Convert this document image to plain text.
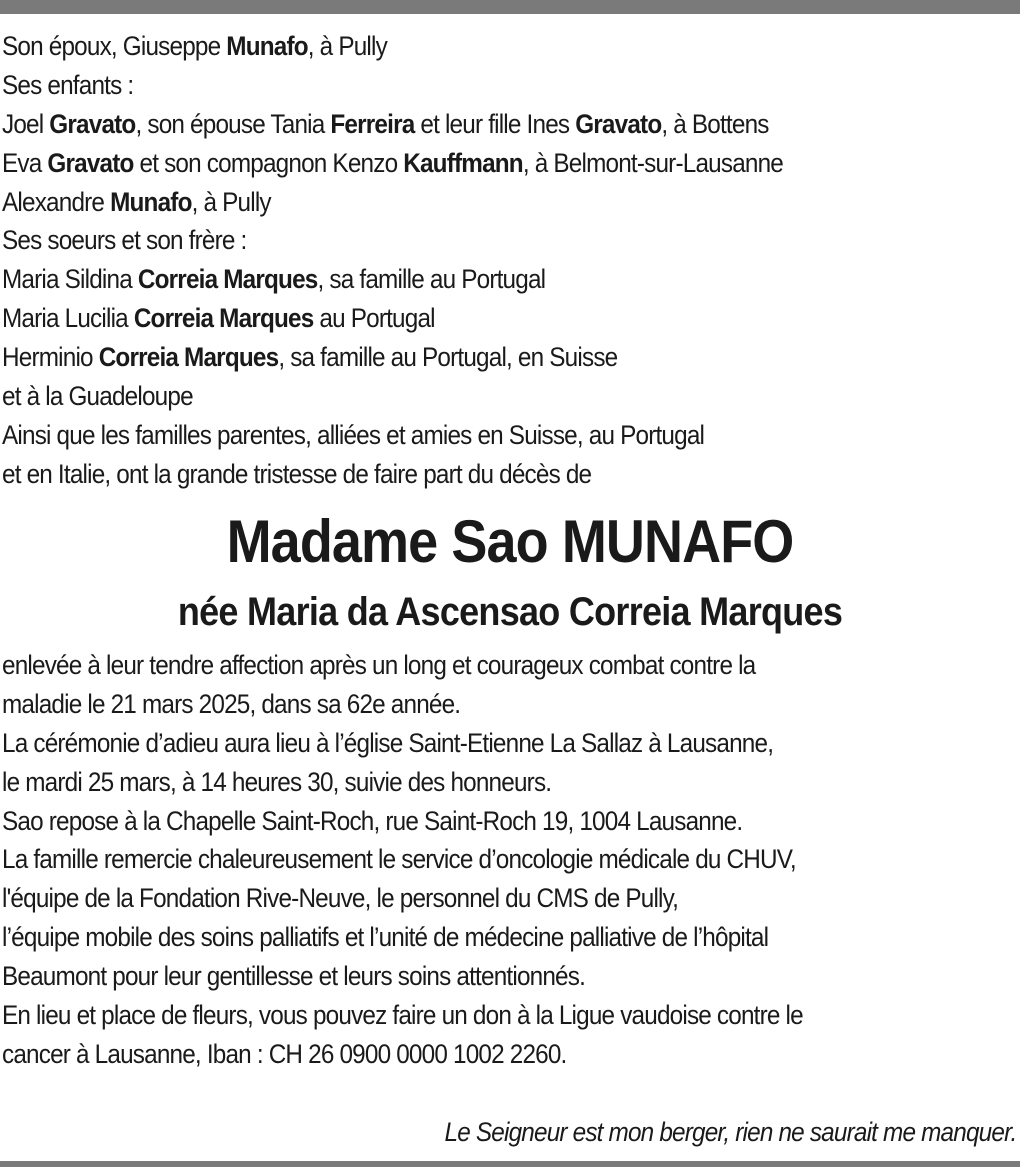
Son époux, Giuseppe Munafo, à Pully
Ses enfants :
Joel Gravato, son épouse Tania Ferreira et leur fille Ines Gravato, à Bottens
Eva Gravato et son compagnon Kenzo Kauffmann, à Belmont-sur-Lausanne
Alexandre Munafo, à Pully
Ses soeurs et son frère :
Maria Sildina Correia Marques, sa famille au Portugal
Maria Lucilia Correia Marques au Portugal
Herminio Correia Marques, sa famille au Portugal, en Suisse
et à la Guadeloupe
Ainsi que les familles parentes, alliées et amies en Suisse, au Portugal
et en Italie, ont la grande tristesse de faire part du décès de
Madame Sao MUNAFO
née Maria da Ascensao Correia Marques
enlevée à leur tendre affection après un long et courageux combat contre la
maladie le 21 mars 2025, dans sa 62e année.
La cérémonie d’adieu aura lieu à l’église Saint-Etienne La Sallaz à Lausanne,
le mardi 25 mars, à 14 heures 30, suivie des honneurs.
Sao repose à la Chapelle Saint-Roch, rue Saint-Roch 19, 1004 Lausanne.
La famille remercie chaleureusement le service d’oncologie médicale du CHUV,
l'équipe de la Fondation Rive-Neuve, le personnel du CMS de Pully,
l’équipe mobile des soins palliatifs et l’unité de médecine palliative de l’hôpital
Beaumont pour leur gentillesse et leurs soins attentionnés.
En lieu et place de fleurs, vous pouvez faire un don à la Ligue vaudoise contre le
cancer à Lausanne, Iban : CH 26 0900 0000 1002 2260.
Le Seigneur est mon berger, rien ne saurait me manquer.
